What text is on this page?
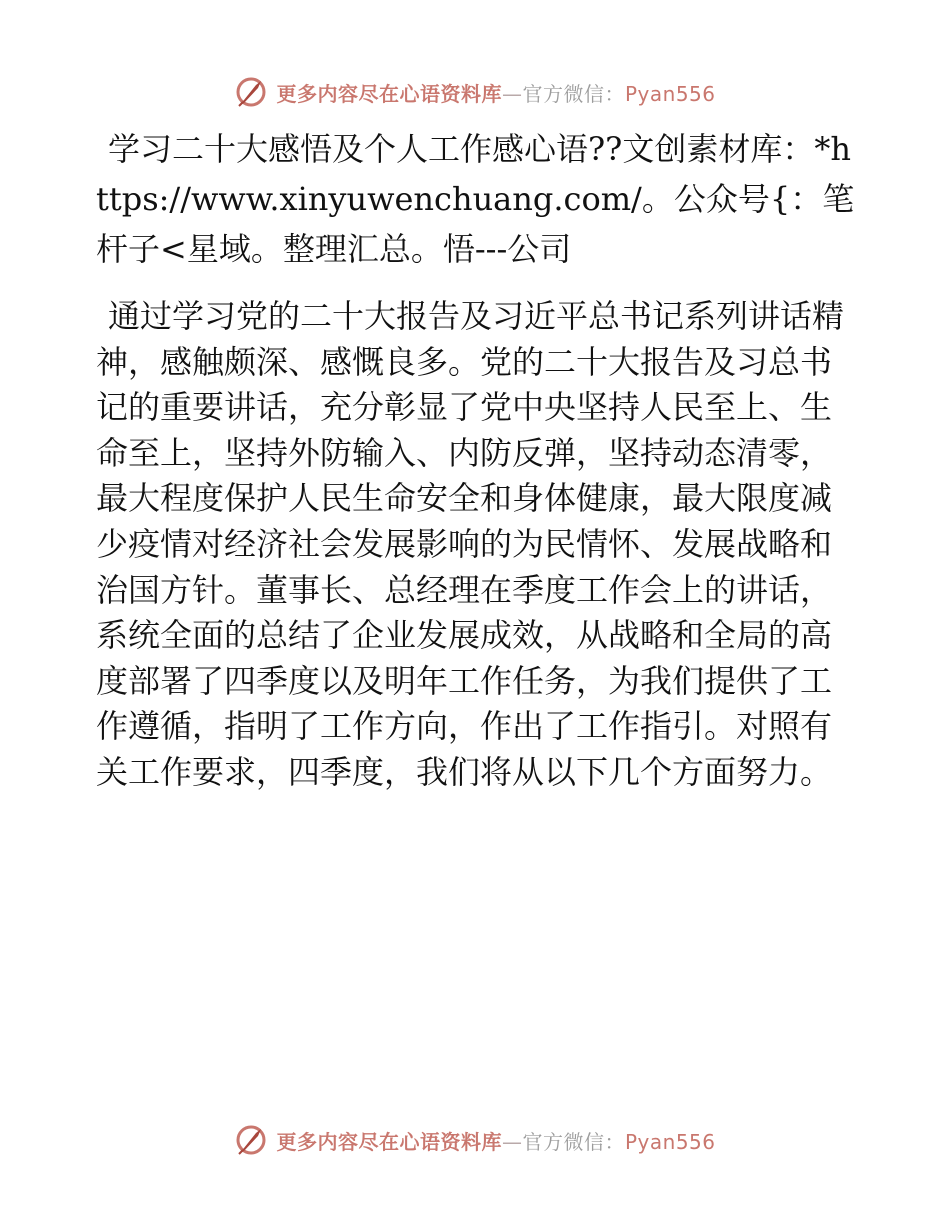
更多内容尽在心语资料库—官方微信：Pyan556

学习二十大感悟及个人工作感心语??文创素材库：*https://www.xinyuwenchuang.com/。公众号{：笔杆子<星域。整理汇总。悟---公司

通过学习党的二十大报告及习近平总书记系列讲话精神，感触颇深、感慨良多。党的二十大报告及习总书记的重要讲话，充分彰显了党中央坚持人民至上、生命至上，坚持外防输入、内防反弹，坚持动态清零，最大程度保护人民生命安全和身体健康，最大限度减少疫情对经济社会发展影响的为民情怀、发展战略和治国方针。董事长、总经理在季度工作会上的讲话，系统全面的总结了企业发展成效，从战略和全局的高度部署了四季度以及明年工作任务，为我们提供了工作遵循，指明了工作方向，作出了工作指引。对照有关工作要求，四季度，我们将从以下几个方面努力。

更多内容尽在心语资料库—官方微信：Pyan556
